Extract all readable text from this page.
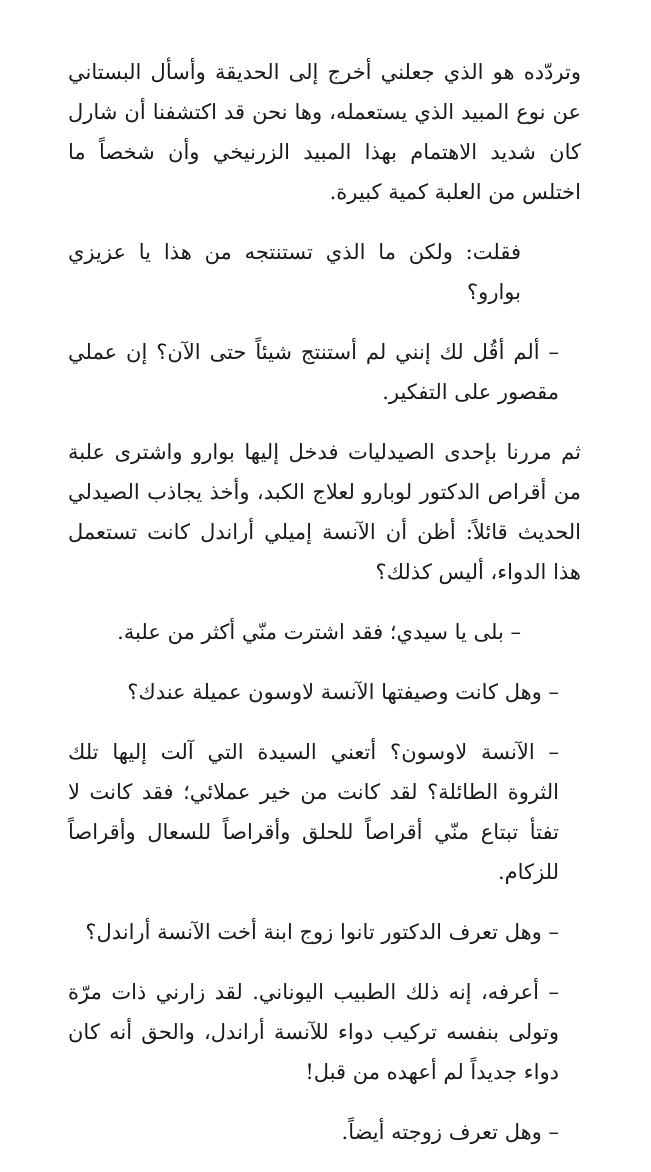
وتردّده هو الذي جعلني أخرج إلى الحديقة وأسأل البستاني عن نوع المبيد الذي يستعمله، وها نحن قد اكتشفنا أن شارل كان شديد الاهتمام بهذا المبيد الزرنيخي وأن شخصاً ما اختلس من العلبة كمية كبيرة.

فقلت: ولكن ما الذي تستنتجه من هذا يا عزيزي بوارو؟

– ألم أقُل لك إنني لم أستنتج شيئاً حتى الآن؟ إن عملي مقصور على التفكير.

ثم مررنا بإحدى الصيدليات فدخل إليها بوارو واشترى علبة من أقراص الدكتور لوبارو لعلاج الكبد، وأخذ يجاذب الصيدلي الحديث قائلاً: أظن أن الآنسة إميلي أراندل كانت تستعمل هذا الدواء، أليس كذلك؟

– بلى يا سيدي؛ فقد اشترت منّي أكثر من علبة.

– وهل كانت وصيفتها الآنسة لاوسون عميلة عندك؟

– الآنسة لاوسون؟ أتعني السيدة التي آلت إليها تلك الثروة الطائلة؟ لقد كانت من خير عملائي؛ فقد كانت لا تفتأ تبتاع منّي أقراصاً للحلق وأقراصاً للسعال وأقراصاً للزكام.

– وهل تعرف الدكتور تانوا زوج ابنة أخت الآنسة أراندل؟

– أعرفه، إنه ذلك الطبيب اليوناني. لقد زارني ذات مرّة وتولى بنفسه تركيب دواء للآنسة أراندل، والحق أنه كان دواء جديداً لم أعهده من قبل!

– وهل تعرف زوجته أيضاً.
